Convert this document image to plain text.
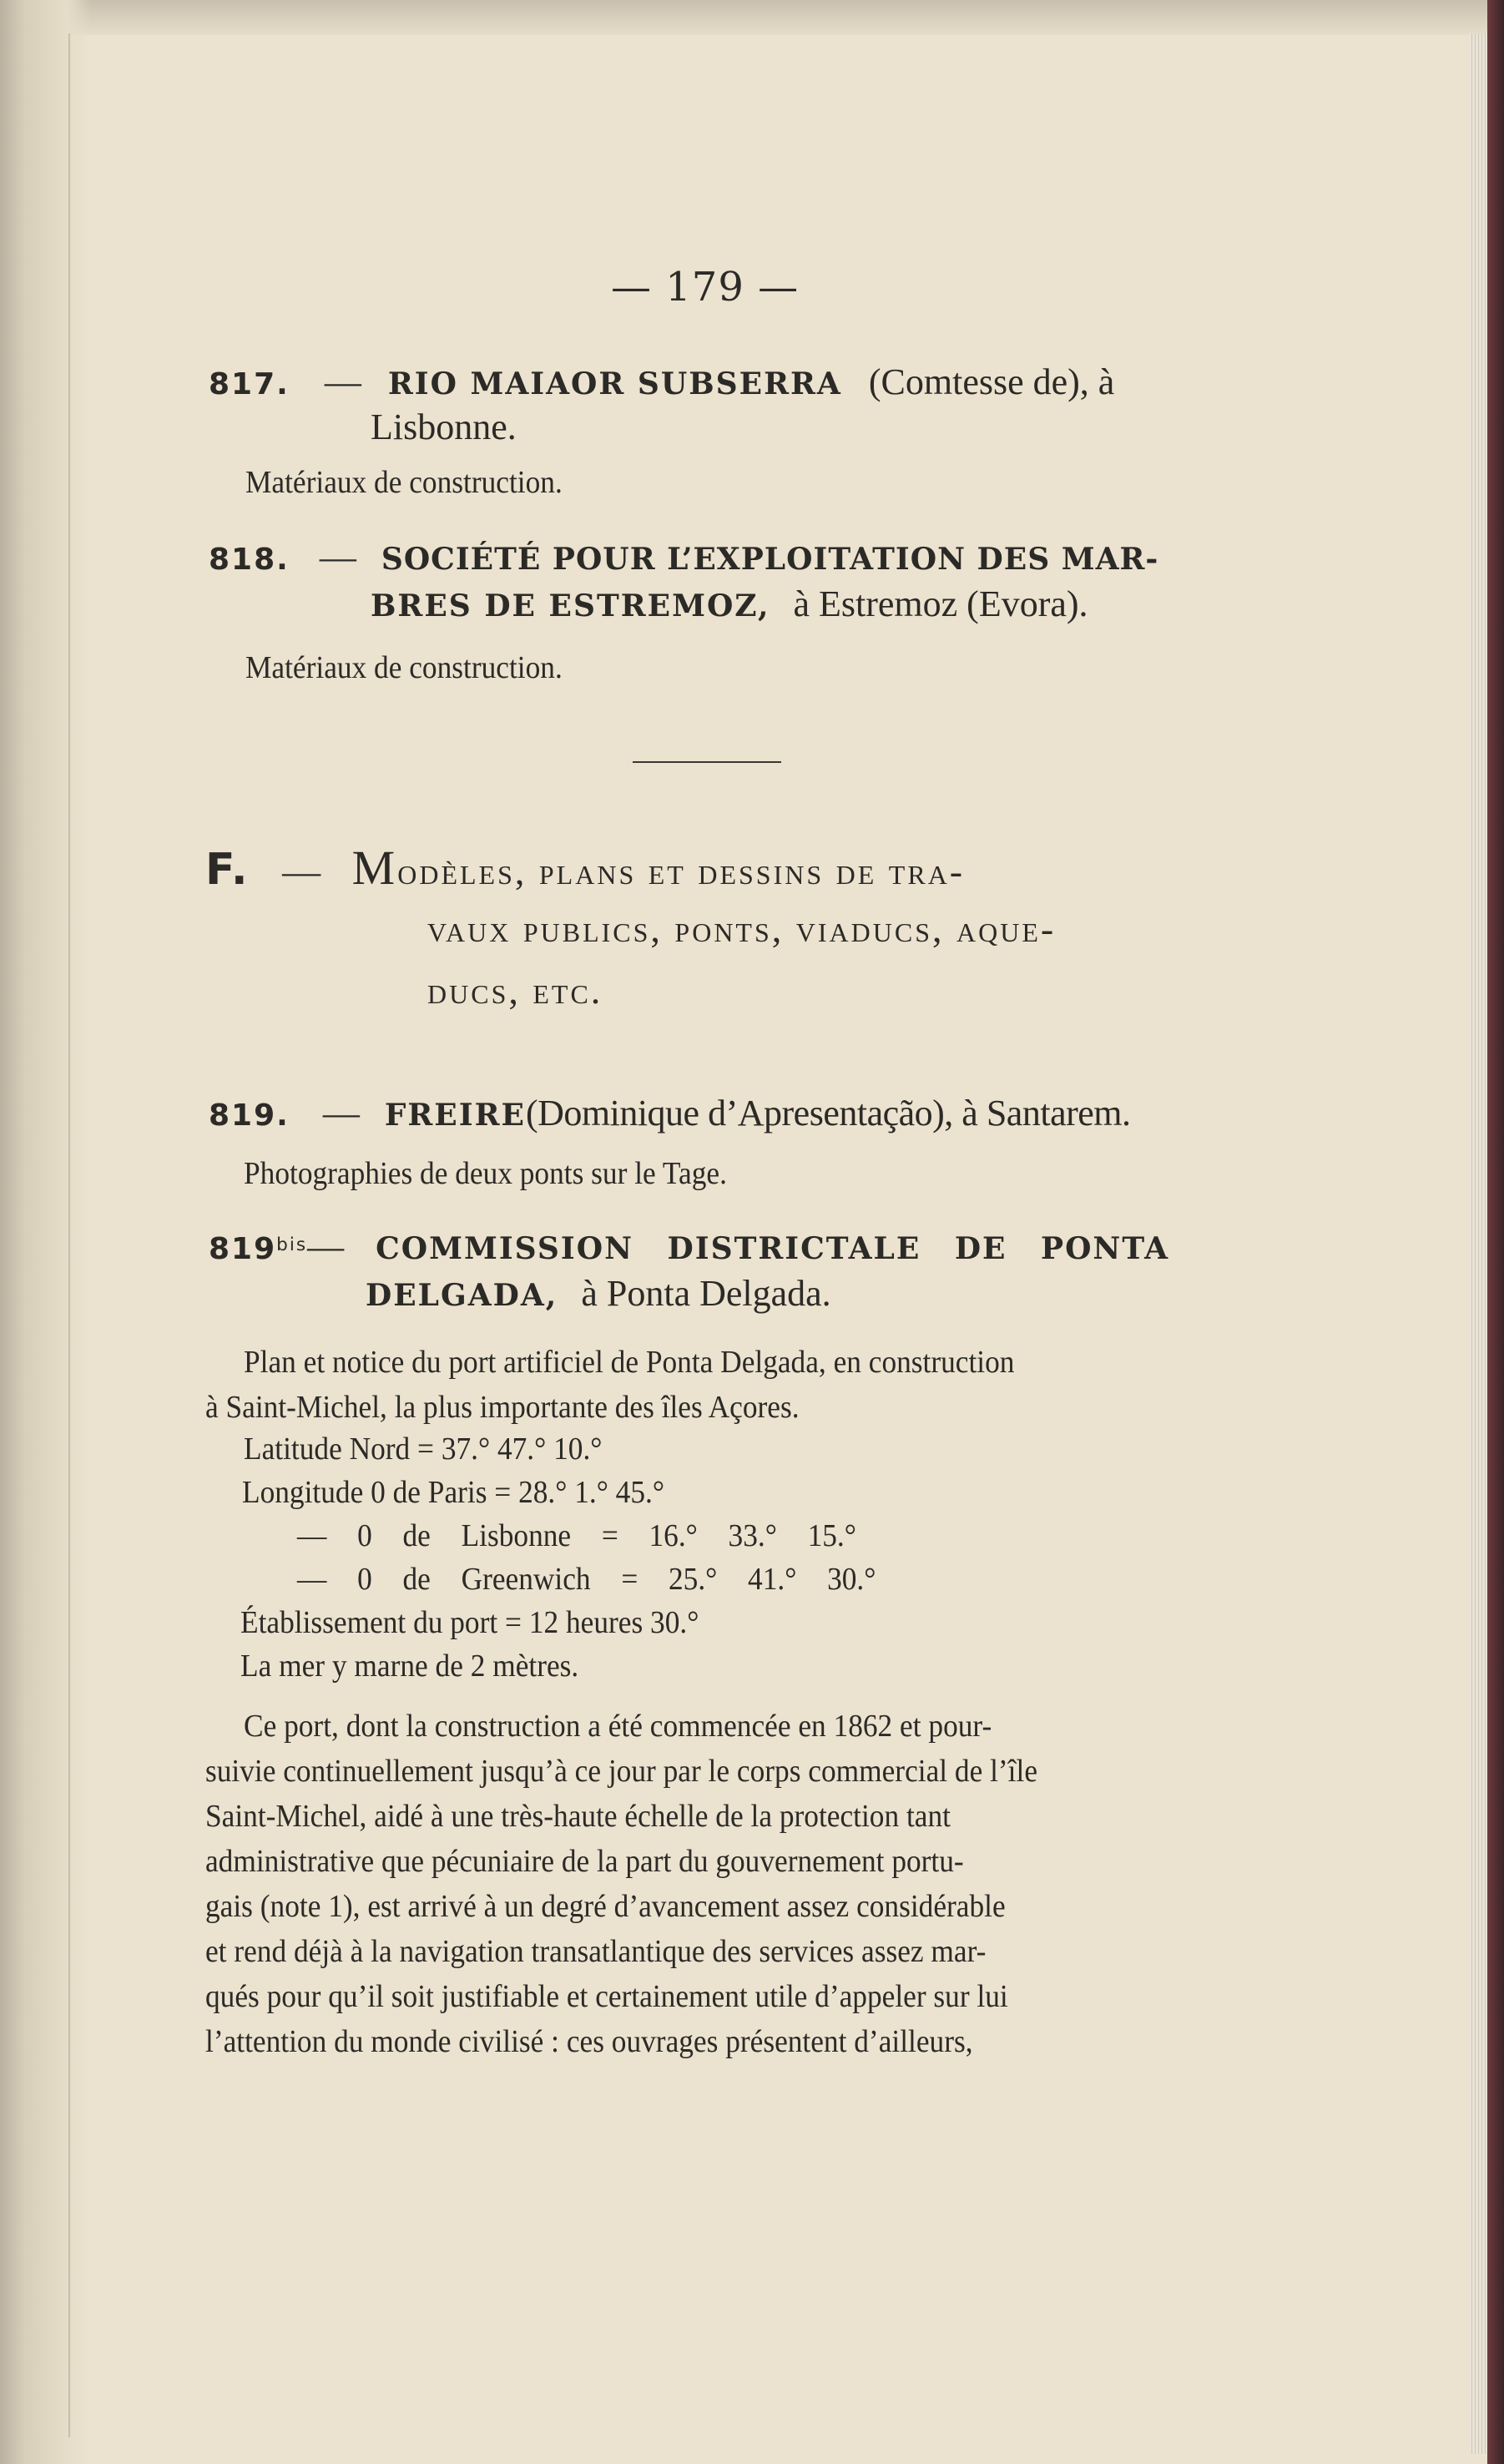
— 179 —
817. — RIO MAIAOR SUBSERRA (Comtesse de), à
Lisbonne.
Matériaux de construction.
818. — SOCIÉTÉ POUR L’EXPLOITATION DES MAR-
BRES DE ESTREMOZ, à Estremoz (Evora).
Matériaux de construction.
F. — Modèles, plans et dessins de tra-
vaux publics, ponts, viaducs, aque-
ducs, etc.
819. — FREIRE(Dominique d’Apresentação), à Santarem.
Photographies de deux ponts sur le Tage.
$819^{bis}—$ COMMISSION DISTRICTALE DE PONTA
DELGADA, à Ponta Delgada.
Plan et notice du port artificiel de Ponta Delgada, en construction
à Saint-Michel, la plus importante des îles Açores.
Latitude Nord = 37.° 47.° 10.°
Longitude 0 de Paris = 28.° 1.° 45.°
— 0 de Lisbonne = 16.° 33.° 15.°
— 0 de Greenwich = 25.° 41.° 30.°
Établissement du port = 12 heures 30.°
La mer y marne de 2 mètres.
Ce port, dont la construction a été commencée en 1862 et pour-
suivie continuellement jusqu’à ce jour par le corps commercial de l’île
Saint-Michel, aidé à une très-haute échelle de la protection tant
administrative que pécuniaire de la part du gouvernement portu-
gais (note 1), est arrivé à un degré d’avancement assez considérable
et rend déjà à la navigation transatlantique des services assez mar-
qués pour qu’il soit justifiable et certainement utile d’appeler sur lui
l’attention du monde civilisé : ces ouvrages présentent d’ailleurs,
